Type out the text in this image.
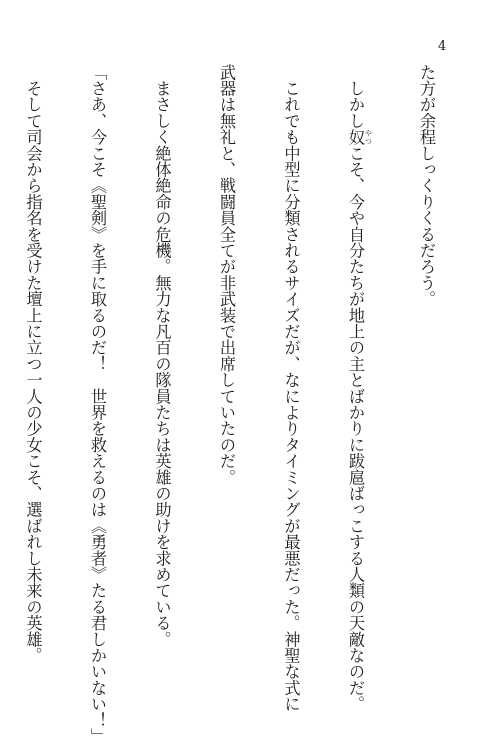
4

た方が余程しっくりくるだろう。

　しかし奴 やつこそ、今や自分たちが地上の主とばかりに跋扈ばっこする人類の天敵なのだ。

　これでも中型に分類されるサイズだが、なによりタイミングが最悪だった。神聖な式に

武器は無礼と、戦闘員全てが非武装で出席していたのだ。

　まさしく絶体絶命の危機。無力な凡百の隊員たちは英雄の助けを求めている。

「さあ、今こそ《聖剣》を手に取るのだ！　世界を救えるのは《勇者》たる君しかいない！」

　そして司会から指名を受けた壇上に立つ一人の少女こそ、選ばれし未来の英雄。
